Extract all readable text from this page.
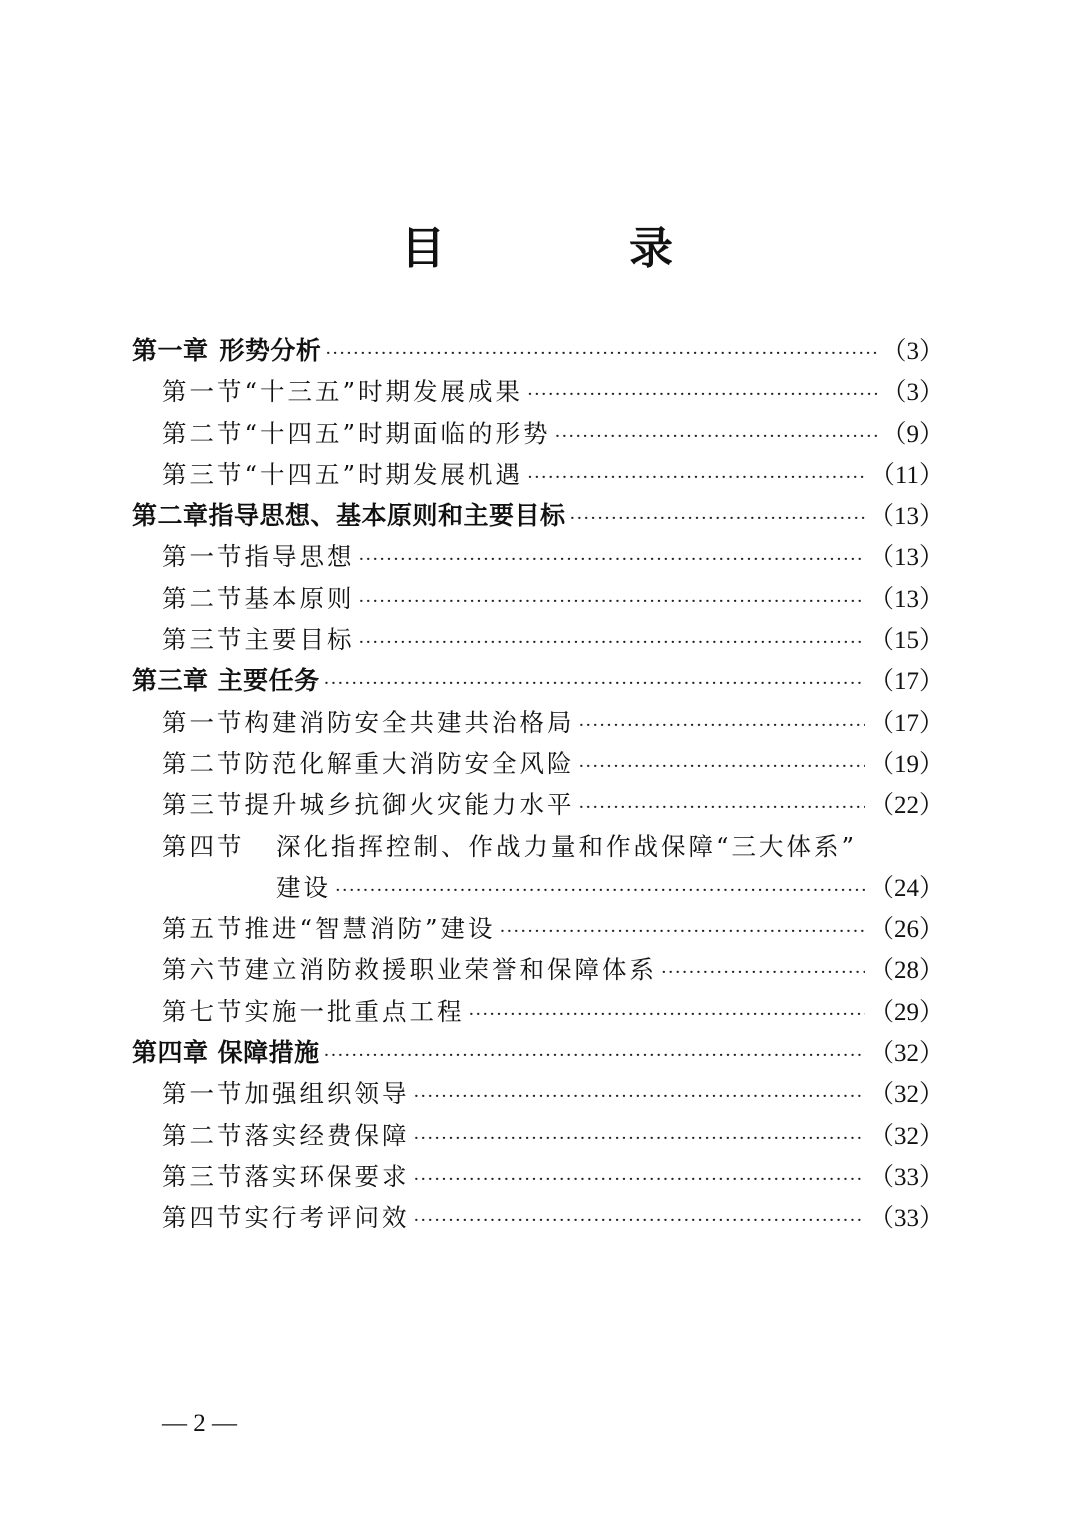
目　录
第一章 形势分析 ·····	（3）
第一节 “十三五”时期发展成果 ·····	（3）
第二节 “十四五”时期面临的形势 ·····	（9）
第三节 “十四五”时期发展机遇 ·····	（11）
第二章 指导思想、基本原则和主要目标 ·····	（13）
第一节 指导思想 ·····	（13）
第二节 基本原则 ·····	（13）
第三节 主要目标 ·····	（15）
第三章 主要任务 ·····	（17）
第一节 构建消防安全共建共治格局 ·····	（17）
第二节 防范化解重大消防安全风险 ·····	（19）
第三节 提升城乡抗御火灾能力水平 ·····	（22）
第四节	深化指挥控制、作战力量和作战保障“三大体系”
建设 ·····	（24）
第五节 推进“智慧消防”建设 ·····	（26）
第六节 建立消防救援职业荣誉和保障体系 ·····	（28）
第七节 实施一批重点工程 ·····	（29）
第四章 保障措施 ·····	（32）
第一节 加强组织领导 ·····	（32）
第二节 落实经费保障 ·····	（32）
第三节 落实环保要求 ·····	（33）
第四节 实行考评问效 ·····	（33）
— 2 —
